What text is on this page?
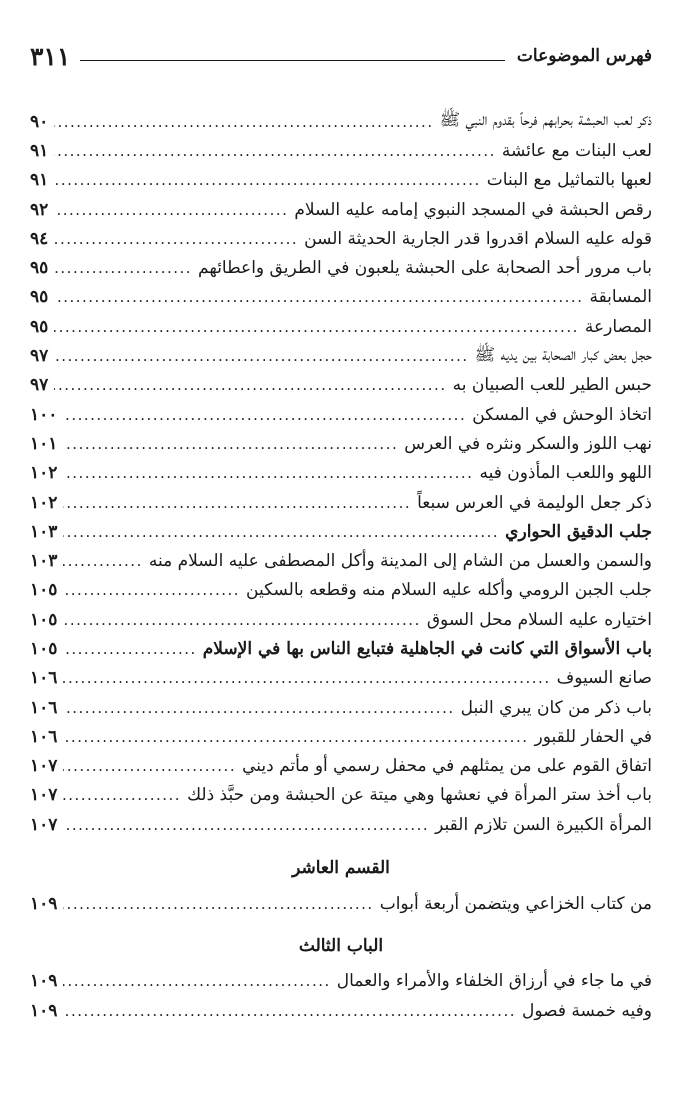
٣١١	فهرس الموضوعات
ذكر لعب الحبشة بحرابهم فرحاً بقدوم النبي ﷺ
.....
٩٠
لعب البنات مع عائشة
.....
٩١
لعبها بالتماثيل مع البنات
.....
٩١
رقص الحبشة في المسجد النبوي إمامه عليه السلام
.....
٩٢
قوله عليه السلام اقدروا قدر الجارية الحديثة السن
.....
٩٤
باب مرور أحد الصحابة على الحبشة يلعبون في الطريق واعطائهم
.....
٩٥
المسابقة
.....
٩٥
المصارعة
.....
٩٥
حجل بعض كبار الصحابة بين يديه ﷺ
.....
٩٧
حبس الطير للعب الصبيان به
.....
٩٧
اتخاذ الوحش في المسكن
.....
١٠٠
نهب اللوز والسكر ونثره في العرس
.....
١٠١
اللهو واللعب المأذون فيه
.....
١٠٢
ذكر جعل الوليمة في العرس سبعاً
.....
١٠٢
جلب الدقيق الحواري
.....
١٠٣
والسمن والعسل من الشام إلى المدينة وأكل المصطفى عليه السلام منه
.....
١٠٣
جلب الجبن الرومي وأكله عليه السلام منه وقطعه بالسكين
.....
١٠٥
اختياره عليه السلام محل السوق
.....
١٠٥
باب الأسواق التي كانت في الجاهلية فتبايع الناس بها في الإسلام
.....
١٠٥
صانع السيوف
.....
١٠٦
باب ذكر من كان يبري النبل
.....
١٠٦
في الحفار للقبور
.....
١٠٦
اتفاق القوم على من يمثلهم في محفل رسمي أو مأتم ديني
.....
١٠٧
باب أخذ ستر المرأة في نعشها وهي ميتة عن الحبشة ومن حبَّذ ذلك
.....
١٠٧
المرأة الكبيرة السن تلازم القبر
.....
١٠٧
القسم العاشر
من كتاب الخزاعي ويتضمن أربعة أبواب
.....
١٠٩
الباب الثالث
في ما جاء في أرزاق الخلفاء والأمراء والعمال
.....
١٠٩
وفيه خمسة فصول
.....
١٠٩
